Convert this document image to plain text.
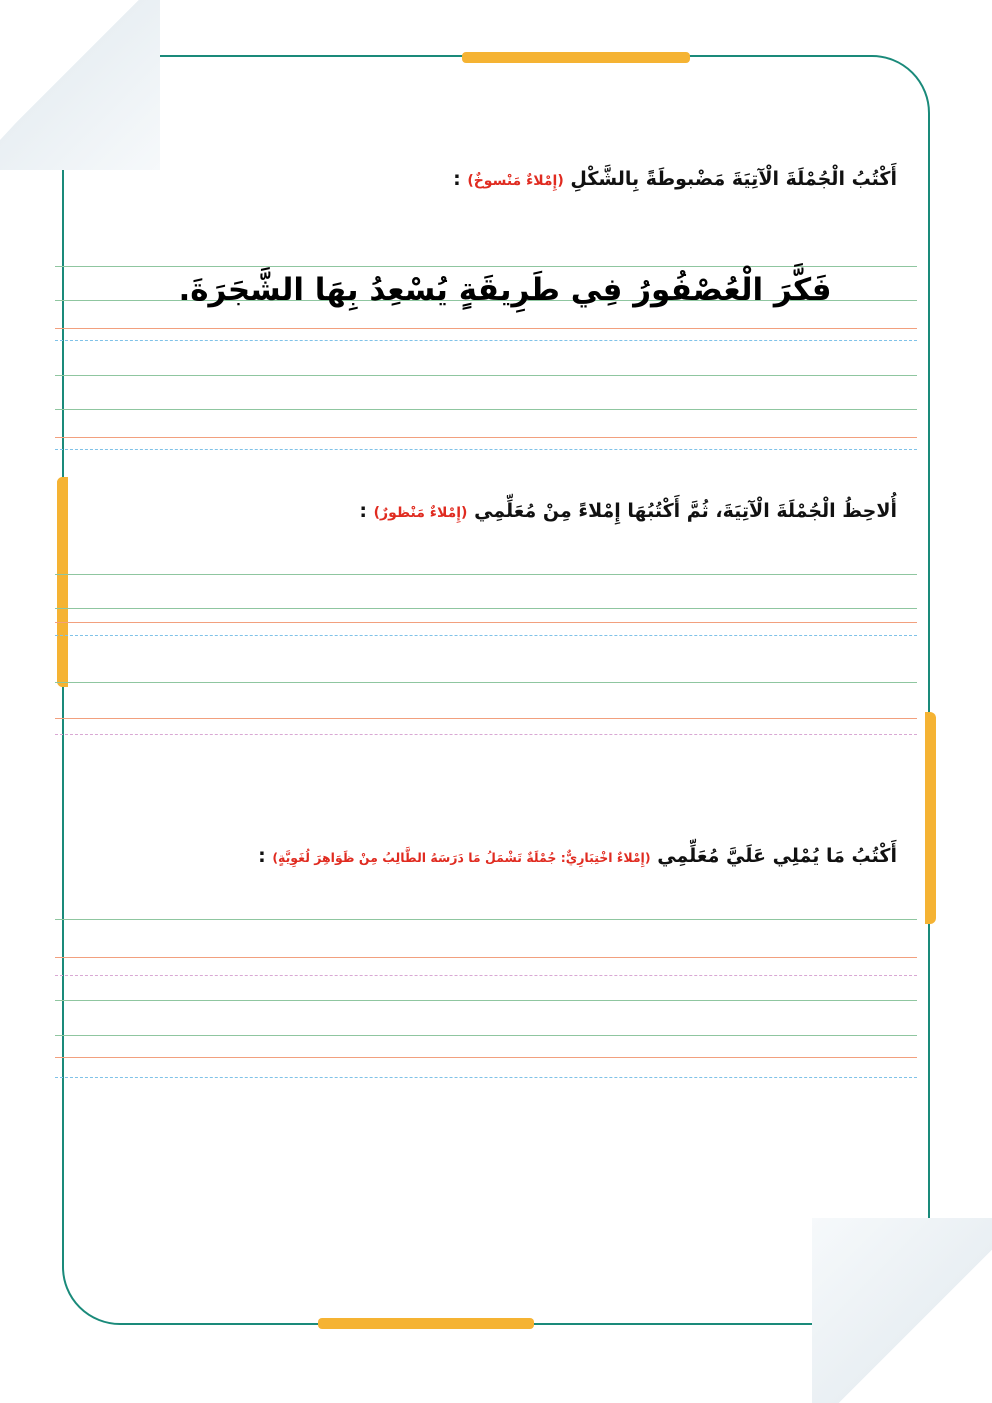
أَكْتُبُ الْجُمْلَةَ الْآتِيَةَ مَضْبوطَةً بِالشَّكْلِ (إِمْلاءٌ مَنْسوخٌ) :
فَكَّرَ الْعُصْفُورُ فِي طَرِيقَةٍ يُسْعِدُ بِهَا الشَّجَرَةَ.
أُلاحِظُ الْجُمْلَةَ الْآتِيَةَ، ثُمَّ أَكْتُبُهَا إِمْلاءً مِنْ مُعَلِّمِي (إِمْلاءٌ مَنْظورٌ) :
أَكْتُبُ مَا يُمْلِي عَلَيَّ مُعَلِّمِي (إِمْلاءٌ اخْتِبَارِيٌّ: جُمْلَةٌ تَشْمَلُ مَا دَرَسَهُ الطَّالِبُ مِنْ ظَوَاهِرَ لُغَوِيَّةٍ) :
